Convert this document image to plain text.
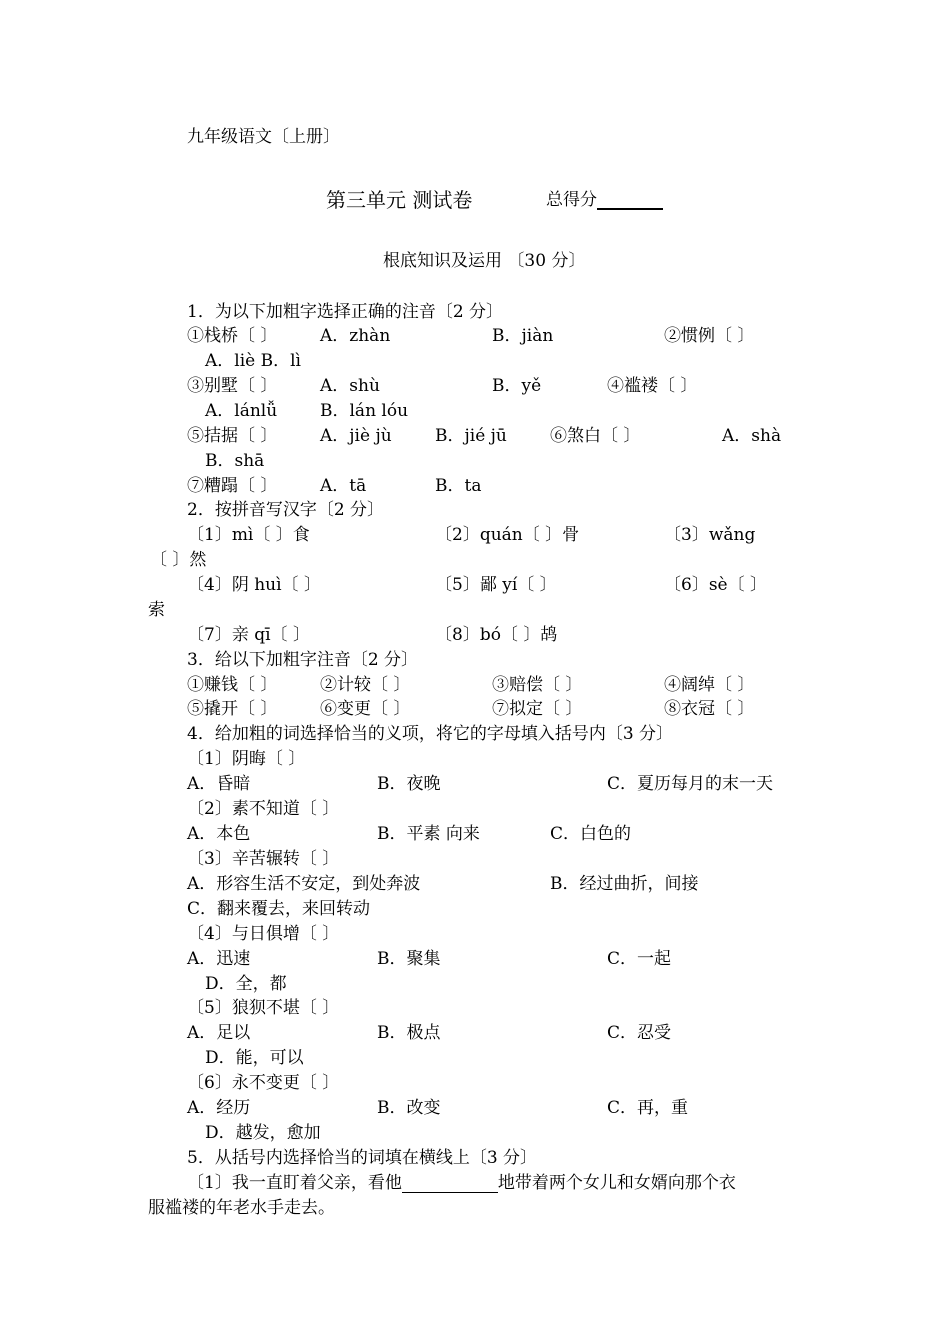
九年级语文〔上册〕
第三单元 测试卷	总得分
根底知识及运用 〔30 分〕
1．为以下加粗字选择正确的注音〔2 分〕
①栈桥〔 〕	A．zhàn	B．jiàn	②惯例〔 〕
A．liè B．lì
③别墅〔 〕	A．shù	B．yě	④褴褛〔 〕
A．lánlǚ	B．lán lóu
⑤拮据〔 〕	A．jiè jù	B．jié jū	⑥煞白〔 〕	A．shà
B．shā
⑦糟蹋〔 〕	A．tā	B．ta
2．按拼音写汉字〔2 分〕
〔1〕mì〔 〕食	〔2〕quán〔 〕骨	〔3〕wǎng
〔 〕然
〔4〕阴 huì〔 〕	〔5〕鄙 yí〔 〕	〔6〕sè〔 〕
索
〔7〕亲 qī〔 〕	〔8〕bó〔 〕鸪
3．给以下加粗字注音〔2 分〕
①赚钱〔 〕	②计较〔 〕	③赔偿〔 〕	④阔绰〔 〕
⑤撬开〔 〕	⑥变更〔 〕	⑦拟定〔 〕	⑧衣冠〔 〕
4．给加粗的词选择恰当的义项，将它的字母填入括号内〔3 分〕
〔1〕阴晦〔 〕
A．昏暗	B．夜晚	C．夏历每月的末一天
〔2〕素不知道〔 〕
A．本色	B．平素 向来	C．白色的
〔3〕辛苦辗转〔 〕
A．形容生活不安定，到处奔波	B．经过曲折，间接
C．翻来覆去，来回转动
〔4〕与日俱增〔 〕
A．迅速	B．聚集	C．一起
D．全，都
〔5〕狼狈不堪〔 〕
A．足以	B．极点	C．忍受
D．能，可以
〔6〕永不变更〔 〕
A．经历	B．改变	C．再，重
D．越发，愈加
5．从括号内选择恰当的词填在横线上〔3 分〕
〔1〕我一直盯着父亲，看他	地带着两个女儿和女婿向那个衣
服褴褛的年老水手走去。
